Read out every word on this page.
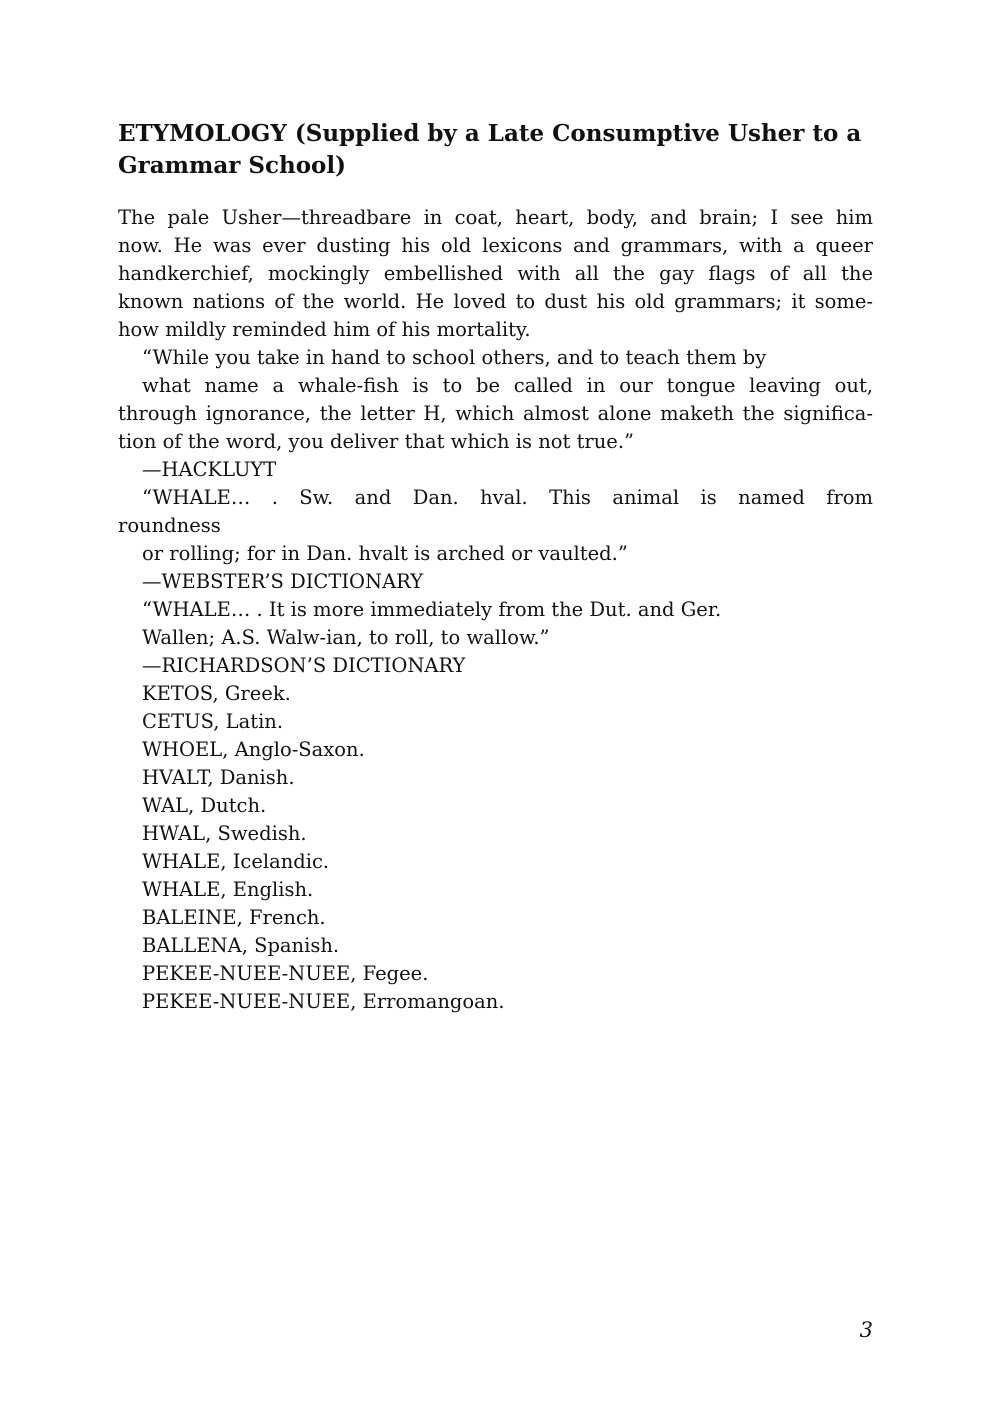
ETYMOLOGY (Supplied by a Late Consumptive Usher to a Grammar School)
The pale Usher—threadbare in coat, heart, body, and brain; I see him
now. He was ever dusting his old lexicons and grammars, with a queer
handkerchief, mockingly embellished with all the gay flags of all the
known nations of the world. He loved to dust his old grammars; it some-
how mildly reminded him of his mortality.
“While you take in hand to school others, and to teach them by
what name a whale-fish is to be called in our tongue leaving out,
through ignorance, the letter H, which almost alone maketh the significa-
tion of the word, you deliver that which is not true.”
—HACKLUYT
“WHALE… . Sw. and Dan. hval. This animal is named from
roundness
or rolling; for in Dan. hvalt is arched or vaulted.”
—WEBSTER’S DICTIONARY
“WHALE… . It is more immediately from the Dut. and Ger.
Wallen; A.S. Walw-ian, to roll, to wallow.”
—RICHARDSON’S DICTIONARY
KETOS, Greek.
CETUS, Latin.
WHOEL, Anglo-Saxon.
HVALT, Danish.
WAL, Dutch.
HWAL, Swedish.
WHALE, Icelandic.
WHALE, English.
BALEINE, French.
BALLENA, Spanish.
PEKEE-NUEE-NUEE, Fegee.
PEKEE-NUEE-NUEE, Erromangoan.
3
